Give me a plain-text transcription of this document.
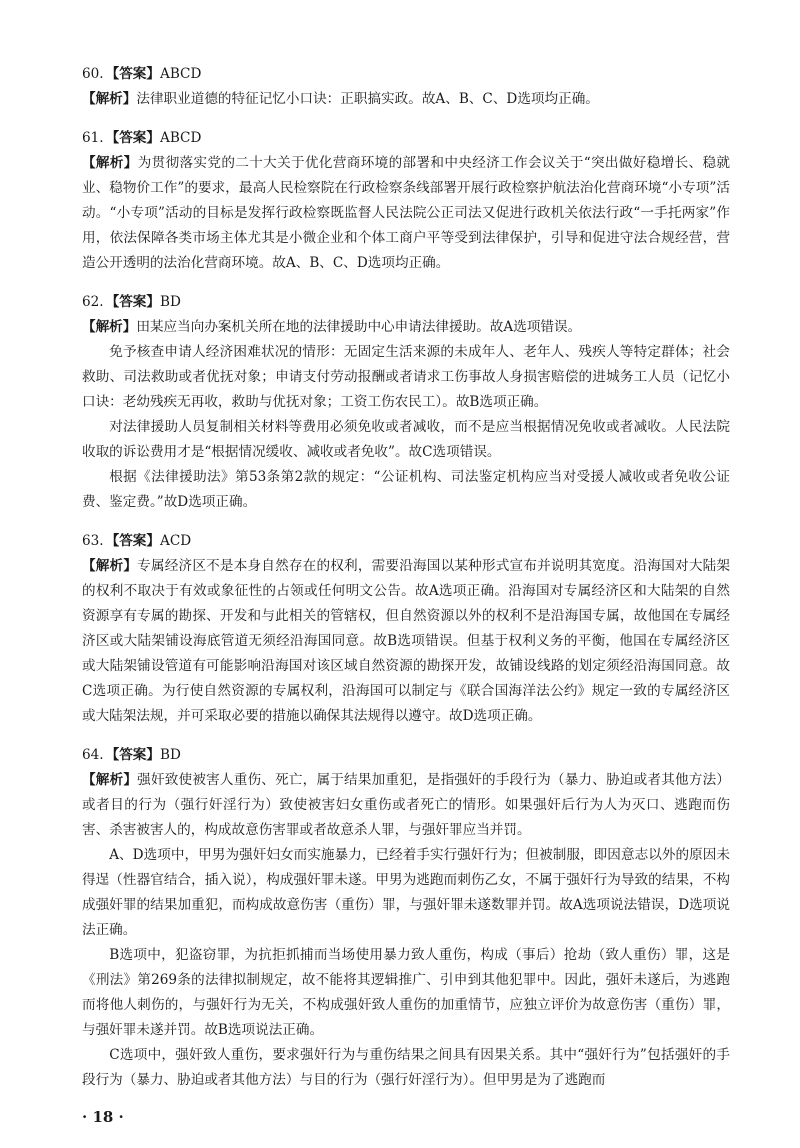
60. 【答案】ABCD

【解析】法律职业道德的特征记忆小口诀：正职搞实政。故A、B、C、D选项均正确。

61. 【答案】ABCD

【解析】为贯彻落实党的二十大关于优化营商环境的部署和中央经济工作会议关于“突出做好稳增长、稳就业、稳物价工作”的要求，最高人民检察院在行政检察条线部署开展行政检察护航法治化营商环境“小专项”活动。“小专项”活动的目标是发挥行政检察既监督人民法院公正司法又促进行政机关依法行政“一手托两家”作用，依法保障各类市场主体尤其是小微企业和个体工商户平等受到法律保护，引导和促进守法合规经营，营造公开透明的法治化营商环境。故A、B、C、D选项均正确。

62. 【答案】BD

【解析】田某应当向办案机关所在地的法律援助中心申请法律援助。故A选项错误。

免予核查申请人经济困难状况的情形：无固定生活来源的未成年人、老年人、残疾人等特定群体；社会救助、司法救助或者优抚对象；申请支付劳动报酬或者请求工伤事故人身损害赔偿的进城务工人员（记忆小口诀：老幼残疾无再收，救助与优抚对象；工资工伤农民工）。故B选项正确。

对法律援助人员复制相关材料等费用必须免收或者减收，而不是应当根据情况免收或者减收。人民法院收取的诉讼费用才是“根据情况缓收、减收或者免收”。故C选项错误。

根据《法律援助法》第53条第2款的规定：“公证机构、司法鉴定机构应当对受援人减收或者免收公证费、鉴定费。”故D选项正确。

63. 【答案】ACD

【解析】专属经济区不是本身自然存在的权利，需要沿海国以某种形式宣布并说明其宽度。沿海国对大陆架的权利不取决于有效或象征性的占领或任何明文公告。故A选项正确。沿海国对专属经济区和大陆架的自然资源享有专属的勘探、开发和与此相关的管辖权，但自然资源以外的权利不是沿海国专属，故他国在专属经济区或大陆架铺设海底管道无须经沿海国同意。故B选项错误。但基于权利义务的平衡，他国在专属经济区或大陆架铺设管道有可能影响沿海国对该区域自然资源的勘探开发，故铺设线路的划定须经沿海国同意。故C选项正确。为行使自然资源的专属权利，沿海国可以制定与《联合国海洋法公约》规定一致的专属经济区或大陆架法规，并可采取必要的措施以确保其法规得以遵守。故D选项正确。

64. 【答案】BD

【解析】强奸致使被害人重伤、死亡，属于结果加重犯，是指强奸的手段行为（暴力、胁迫或者其他方法）或者目的行为（强行奸淫行为）致使被害妇女重伤或者死亡的情形。如果强奸后行为人为灭口、逃跑而伤害、杀害被害人的，构成故意伤害罪或者故意杀人罪，与强奸罪应当并罚。

A、D选项中，甲男为强奸妇女而实施暴力，已经着手实行强奸行为；但被制服，即因意志以外的原因未得逞（性器官结合，插入说），构成强奸罪未遂。甲男为逃跑而刺伤乙女，不属于强奸行为导致的结果，不构成强奸罪的结果加重犯，而构成故意伤害（重伤）罪，与强奸罪未遂数罪并罚。故A选项说法错误，D选项说法正确。

B选项中，犯盗窃罪，为抗拒抓捕而当场使用暴力致人重伤，构成（事后）抢劫（致人重伤）罪，这是《刑法》第269条的法律拟制规定，故不能将其逻辑推广、引申到其他犯罪中。因此，强奸未遂后，为逃跑而将他人刺伤的，与强奸行为无关，不构成强奸致人重伤的加重情节，应独立评价为故意伤害（重伤）罪，与强奸罪未遂并罚。故B选项说法正确。

C选项中，强奸致人重伤，要求强奸行为与重伤结果之间具有因果关系。其中“强奸行为”包括强奸的手段行为（暴力、胁迫或者其他方法）与目的行为（强行奸淫行为）。但甲男是为了逃跑而

· 18 ·
